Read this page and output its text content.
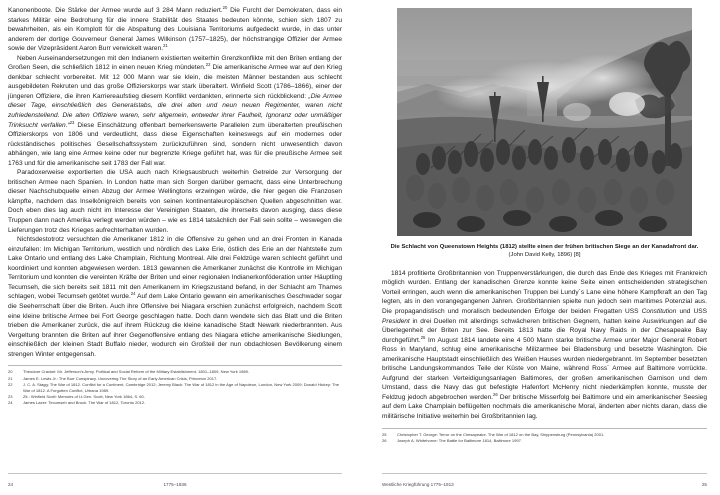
Kanonenboote. Die Stärke der Armee wurde auf 3 284 Mann reduziert.$^{20}$ Die Furcht der Demokraten, dass ein starkes Militär eine Bedrohung für die innere Stabilität des Staates bedeuten könnte, schien sich 1807 zu bewahrheiten, als ein Komplott für die Abspaltung des Louisiana Territoriums aufgedeckt wurde, in das unter anderem der dortige Gouverneur General James Wilkinson (1757–1825), der höchstrangige Offizier der Armee sowie der Vizepräsident Aaron Burr verwickelt waren.$^{21}$

Neben Auseinandersetzungen mit den Indianern existierten weiterhin Grenzkonflikte mit den Briten entlang der Großen Seen, die schließlich 1812 in einen neuen Krieg mündeten.$^{22}$ Die amerikanische Armee war auf den Krieg denkbar schlecht vorbereitet. Mit 12 000 Mann war sie klein, die meisten Männer bestanden aus schlecht ausgebildeten Rekruten und das große Offizierskorps war stark überaltert. Winfield Scott (1786–1866), einer der jüngeren Offiziere, die ihren Karriereaufstieg diesem Konflikt verdankten, erinnerte sich rückblickend: „Die Armee dieser Tage, einschließlich des Generalstabs, die drei alten und neun neuen Regimenter, waren nicht zufriedenstellend. Die alten Offiziere waren, sehr allgemein, entweder ihrer Faulheit, Ignoranz oder unmäßiger Trinksucht verfallen.“$^{23}$ Diese Einschätzung offenbart bemerkenswerte Parallelen zum überalterten preußischen Offizierskorps von 1806 und verdeutlicht, dass diese Eigenschaften keineswegs auf ein modernes oder rückständisches politisches Gesellschaftssystem zurückzuführen sind, sondern nicht unwesentlich davon abhängen, wie lang eine Armee keine oder nur begrenzte Kriege geführt hat, was für die preußische Armee seit 1763 und für die amerikanische seit 1783 der Fall war.

Paradoxerweise exportierten die USA auch nach Kriegsausbruch weiterhin Getreide zur Versorgung der britischen Armee nach Spanien. In London hatte man sich Sorgen darüber gemacht, dass eine Unterbrechung dieser Nachschubquelle einen Abzug der Armee Wellingtons erzwingen würde, die hier gegen die Franzosen kämpfte, nachdem das Inselkönigreich bereits von seinen kontinentaleuropäischen Quellen abgeschnitten war. Doch eben dies lag auch nicht im Interesse der Vereinigten Staaten, die ihrerseits davon ausging, dass diese Truppen dann nach Amerika verlegt werden würden – wie es 1814 tatsächlich der Fall sein sollte – weswegen die Lieferungen trotz des Krieges aufrechterhalten wurden.

Nichtsdestotrotz versuchten die Amerikaner 1812 in die Offensive zu gehen und an drei Fronten in Kanada einzufallen: Im Michigan Territorium, westlich und nördlich des Lake Erie, östlich des Erie an der Nahtstelle zum Lake Ontario und entlang des Lake Champlain, Richtung Montreal. Alle drei Feldzüge waren schlecht geführt und koordiniert und konnten abgewiesen werden. 1813 gewannen die Amerikaner zunächst die Kontrolle im Michigan Territorium und konnten die vereinten Kräfte der Briten und einer regionalen Indianerkonföderation unter Häuptling Tecumseh, die sich bereits seit 1811 mit den Amerikanern im Kriegszustand befand, in der Schlacht am Thames schlagen, wobei Tecumseh getötet wurde.$^{24}$ Auf dem Lake Ontario gewann ein amerikanisches Geschwader sogar die Seeherrschaft über die Briten. Auch ihre Offensive bei Niagara erschien zunächst erfolgreich, nachdem Scott eine kleine britische Armee bei Fort George geschlagen hatte. Doch dann wendete sich das Blatt und die Briten trieben die Amerikaner zurück, die auf ihrem Rückzug die kleine kanadische Stadt Newark niederbrannten. Aus Vergeltung brannten die Briten auf ihrer Gegenoffensive entlang des Niagara etliche amerikanische Siedlungen, einschließlich der kleinen Stadt Buffalo nieder, wodurch ein Großteil der nun obdachlosen Bevölkerung einem strengen Winter entgegensah.

20	Theodore Crackel: Mr. Jefferson's Army. Political and Social Reform of the Military Establishment, 1801–1809, New York 1989.
21	James E. Lewis Jr.: The Burr Conspiracy. Uncovering The Story of an Early American Crisis, Princeton 2017.
22	J. C. A. Stagg: The War of 1812. Conflict for a Continent, Cambridge 2012; Jeremy Black: The War of 1812 in the Age of Napoleon, London, New York 2009; Donald Hickey: The War of 1812. A Forgotten Conflict, Urbana 1989.
23	Zit.: Winfield Scott: Memoirs of Lt.Gen. Scott, New York 1864, S. 60.
24	James Laxer: Tecumseh and Brock. The War of 1812, Toronto 2012.
24	1775–1836
Die Schlacht von Queenstown Heights (1812) stellte einen der frühen britischen Siege an der Kanadafront dar. (John David Kelly, 1896) [8]

1814 profitierte Großbritannien von Truppenverstärkungen, die durch das Ende des Krieges mit Frankreich möglich wurden. Entlang der kanadischen Grenze konnte keine Seite einen entscheidenden strategischen Vorteil erringen, auch wenn die amerikanischen Truppen bei Lundy´s Lane eine höhere Kampfkraft an den Tag legten, als in den vorangegangenen Jahren. Großbritannien spielte nun jedoch sein maritimes Potenzial aus. Die propagandistisch und moralisch bedeutenden Erfolge der beiden Fregatten USS Constitution und USS President in drei Duellen mit allerdings schwächeren britischen Gegnern, hatten keine Auswirkungen auf die Überlegenheit der Briten zur See. Bereits 1813 hatte die Royal Navy Raids in der Chesapeake Bay durchgeführt.$^{25}$ Im August 1814 landete eine 4 500 Mann starke britische Armee unter Major General Robert Ross in Maryland, schlug eine amerikanische Milizarmee bei Bladensburg und besetzte Washington. Die amerikanische Hauptstadt einschließlich des Weißen Hauses wurden niedergebrannt. Im September besetzten britische Landungskommandos Teile der Küste von Maine, während Ross´ Armee auf Baltimore vorrückte. Aufgrund der starken Verteidigungsanlagen Baltimores, der großen amerikanischen Garnison und dem Umstand, dass die Navy das gut befestigte Hafenfort McHenry nicht niederkämpfen konnte, musste der Feldzug jedoch abgebrochen werden.$^{26}$ Der britische Misserfolg bei Baltimore und ein amerikanischer Seesieg auf dem Lake Champlain beflügelten nochmals die amerikanische Moral, änderten aber nichts daran, dass die militärische Initiative weiterhin bei Großbritannien lag.

25	Christopher T. George: Terror on the Chesapeake. The War of 1812 on the Bay, Shippensburg (Pennsylvania) 2001.
26	Joseph A. Whitehorne: The Battle for Baltimore 1814, Baltimore 1997.
Westliche Kriegführung 1775–1913	25
